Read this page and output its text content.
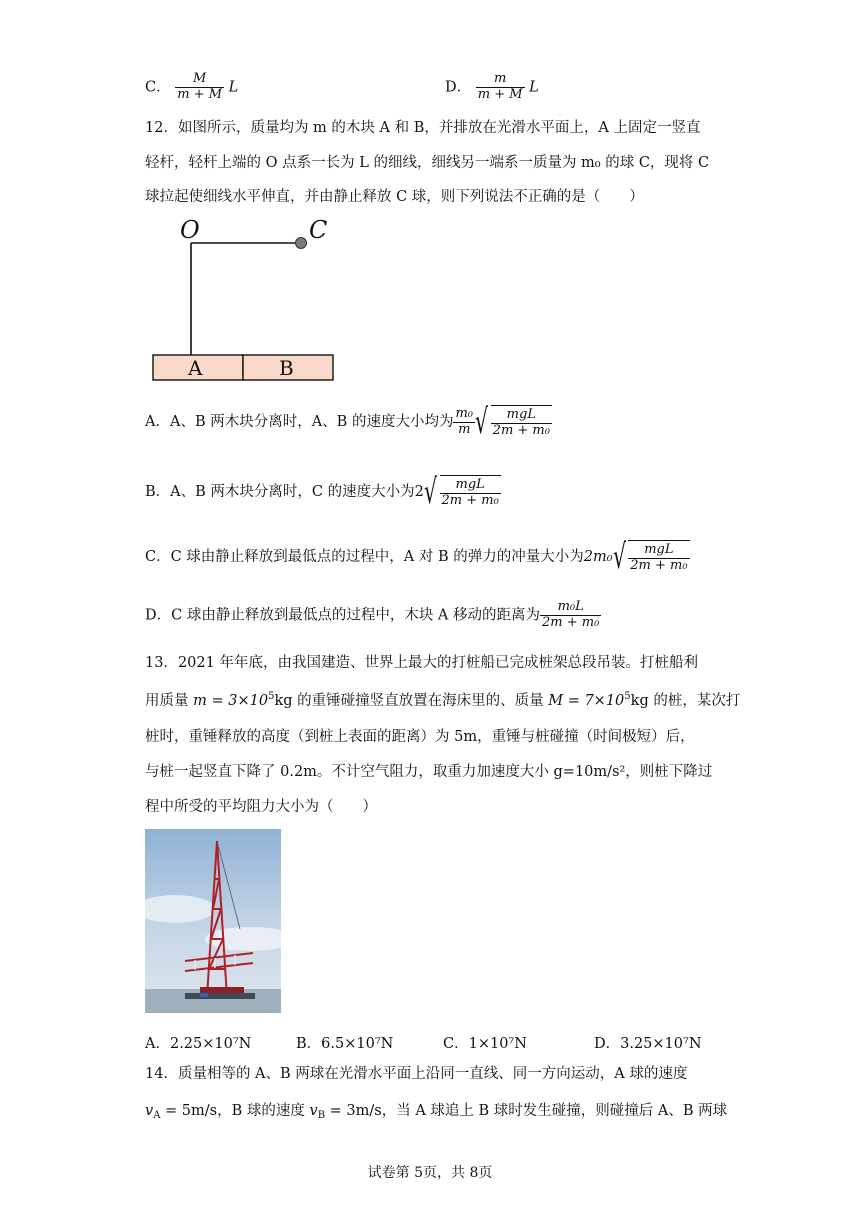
C． $\frac{M}{m + M}$ L	D． $\frac{m}{m + M}$ L
12．如图所示，质量均为 m 的木块 A 和 B，并排放在光滑水平面上，A 上固定一竖直
轻杆，轻杆上端的 O 点系一长为 L 的细线，细线另一端系一质量为 m₀ 的球 C，现将 C
球拉起使细线水平伸直，并由静止释放 C 球，则下列说法不正确的是（　　）
O	C
A	B
A．A、B 两木块分离时，A、B 的速度大小均为 $\frac{\text{m₀}}{m}$ √ $\frac{\text{mgL}}{\text{2m + m₀}}$
B．A、B 两木块分离时，C 的速度大小为2 √ $\frac{\text{mgL}}{\text{2m + m₀}}$
C．C 球由静止释放到最低点的过程中，A 对 B 的弹力的冲量大小为2m₀ √ $\frac{\text{mgL}}{\text{2m + m₀}}$
D．C 球由静止释放到最低点的过程中，木块 A 移动的距离为 $\frac{\text{m₀L}}{\text{2m + m₀}}$
13．2021 年年底，由我国建造、世界上最大的打桩船已完成桩架总段吊装。打桩船利
用质量 $m = 3\times 10^5kg$ 的重锤碰撞竖直放置在海床里的、质量 $M = 7\times 10^5kg$ 的桩，某次打
桩时，重锤释放的高度（到桩上表面的距离）为 5m，重锤与桩碰撞（时间极短）后，
与桩一起竖直下降了 0.2m。不计空气阻力，取重力加速度大小 g=10m/s²，则桩下降过
程中所受的平均阻力大小为（　　）
A．2.25×10⁷N	B．6.5×10⁷N	C．1×10⁷N	D．3.25×10⁷N
14．质量相等的 A、B 两球在光滑水平面上沿同一直线、同一方向运动，A 球的速度
$v_A = 5m/s$，B 球的速度 $v_B = 3m/s$，当 A 球追上 B 球时发生碰撞，则碰撞后 A、B 两球
试卷第 5页，共 8页
